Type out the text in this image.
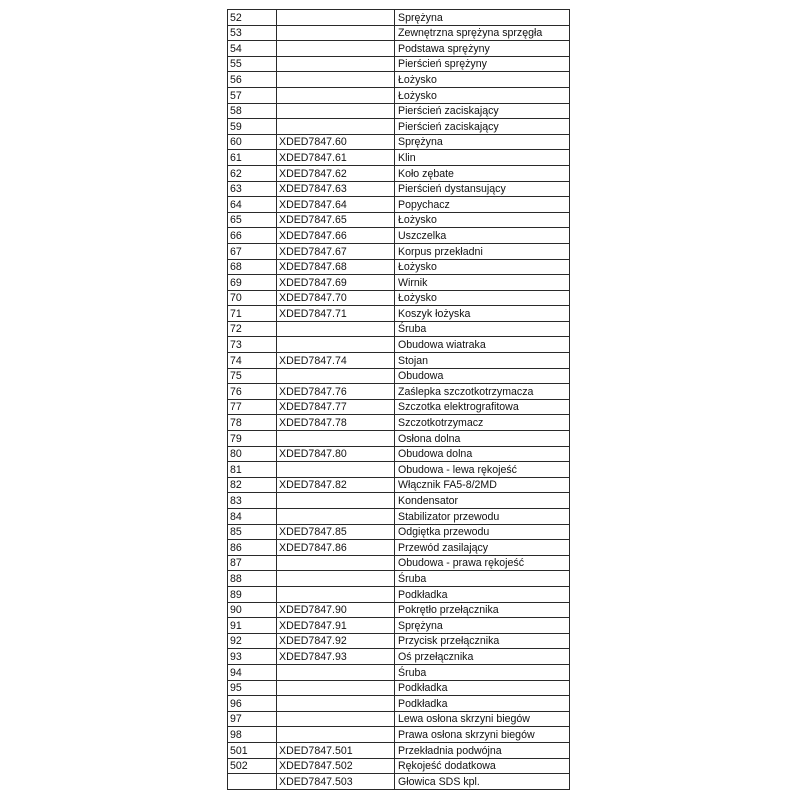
52		Sprężyna
53		Zewnętrzna sprężyna sprzęgła
54		Podstawa sprężyny
55		Pierścień sprężyny
56		Łożysko
57		Łożysko
58		Pierścień zaciskający
59		Pierścień zaciskający
60	XDED7847.60	Sprężyna
61	XDED7847.61	Klin
62	XDED7847.62	Koło zębate
63	XDED7847.63	Pierścień dystansujący
64	XDED7847.64	Popychacz
65	XDED7847.65	Łożysko
66	XDED7847.66	Uszczelka
67	XDED7847.67	Korpus przekładni
68	XDED7847.68	Łożysko
69	XDED7847.69	Wirnik
70	XDED7847.70	Łożysko
71	XDED7847.71	Koszyk łożyska
72		Śruba
73		Obudowa wiatraka
74	XDED7847.74	Stojan
75		Obudowa
76	XDED7847.76	Zaślepka szczotkotrzymacza
77	XDED7847.77	Szczotka elektrografitowa
78	XDED7847.78	Szczotkotrzymacz
79		Osłona dolna
80	XDED7847.80	Obudowa dolna
81		Obudowa - lewa rękojeść
82	XDED7847.82	Włącznik FA5-8/2MD
83		Kondensator
84		Stabilizator przewodu
85	XDED7847.85	Odgiętka przewodu
86	XDED7847.86	Przewód zasilający
87		Obudowa - prawa rękojeść
88		Śruba
89		Podkładka
90	XDED7847.90	Pokrętło przełącznika
91	XDED7847.91	Sprężyna
92	XDED7847.92	Przycisk przełącznika
93	XDED7847.93	Oś przełącznika
94		Śruba
95		Podkładka
96		Podkładka
97		Lewa osłona skrzyni biegów
98		Prawa osłona skrzyni biegów
501	XDED7847.501	Przekładnia podwójna
502	XDED7847.502	Rękojeść dodatkowa
	XDED7847.503	Głowica SDS kpl.
